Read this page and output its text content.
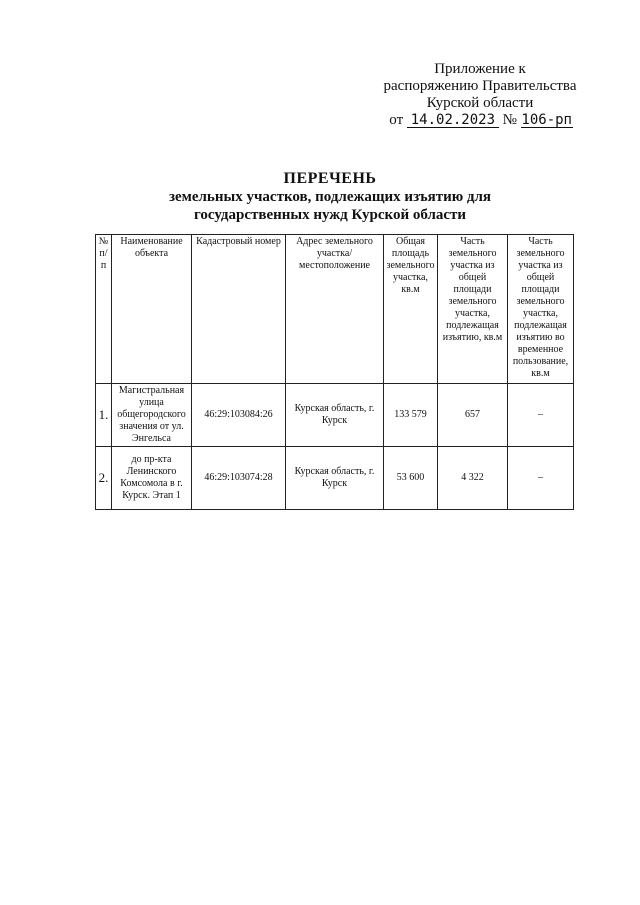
Приложение к
распоряжению Правительства
Курской области
от 14.02.2023 № 106-рп
ПЕРЕЧЕНЬ
земельных участков, подлежащих изъятию для
государственных нужд Курской области
№ п/п	Наименование объекта	Кадастровый номер	Адрес земельного участка/ местоположение	Общая площадь земельного участка, кв.м	Часть земельного участка из общей площади земельного участка, подлежащая изъятию, кв.м	Часть земельного участка из общей площади земельного участка, подлежащая изъятию во временное пользование, кв.м
1.	Магистральная улица общегородского значения от ул. Энгельса	46:29:103084:26	Курская область, г. Курск	133 579	657	–
2.	до пр-кта Ленинского Комсомола в г. Курск. Этап 1	46:29:103074:28	Курская область, г. Курск	53 600	4 322	–
